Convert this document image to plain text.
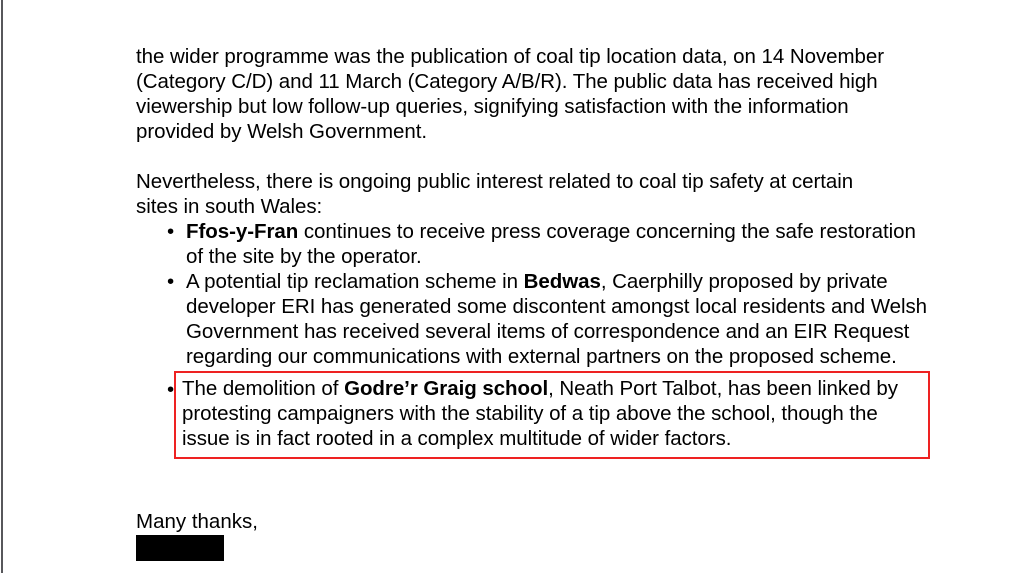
the wider programme was the publication of coal tip location data, on 14 November (Category C/D) and 11 March (Category A/B/R). The public data has received high viewership but low follow-up queries, signifying satisfaction with the information provided by Welsh Government.

Nevertheless, there is ongoing public interest related to coal tip safety at certain sites in south Wales:

• Ffos-y-Fran continues to receive press coverage concerning the safe restoration of the site by the operator.
• A potential tip reclamation scheme in Bedwas, Caerphilly proposed by private developer ERI has generated some discontent amongst local residents and Welsh Government has received several items of correspondence and an EIR Request regarding our communications with external partners on the proposed scheme.
• The demolition of Godre’r Graig school, Neath Port Talbot, has been linked by protesting campaigners with the stability of a tip above the school, though the issue is in fact rooted in a complex multitude of wider factors.

Many thanks,
